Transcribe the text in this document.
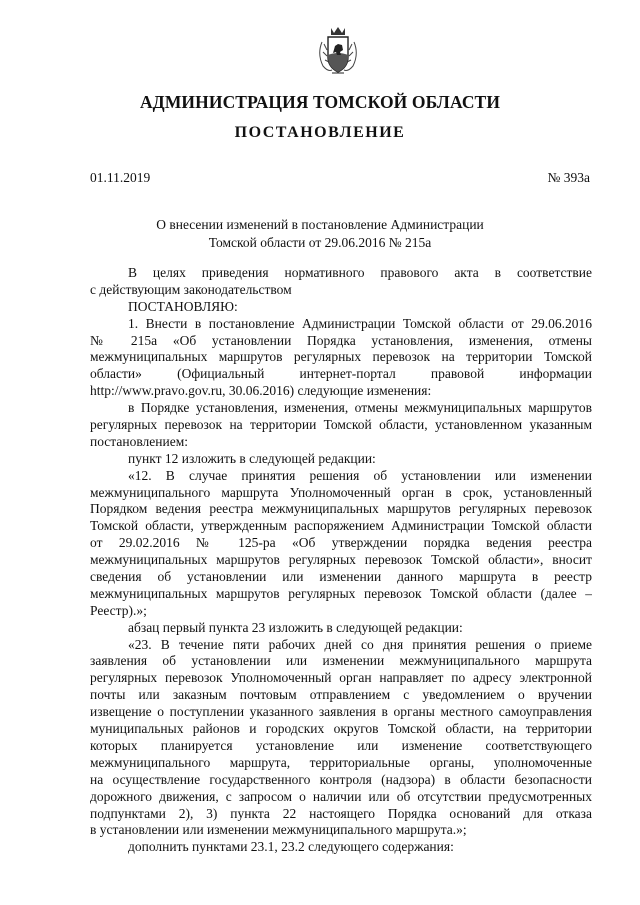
АДМИНИСТРАЦИЯ ТОМСКОЙ ОБЛАСТИ
ПОСТАНОВЛЕНИЕ
01.11.2019	№ 393а
О внесении изменений в постановление Администрации
Томской области от 29.06.2016 № 215а
В целях приведения нормативного правового акта в соответствие
с действующим законодательством
ПОСТАНОВЛЯЮ:
1. Внести в постановление Администрации Томской области от 29.06.2016
№ 215а «Об установлении Порядка установления, изменения, отмены
межмуниципальных маршрутов регулярных перевозок на территории Томской
области» (Официальный интернет-портал правовой информации
http://www.pravo.gov.ru, 30.06.2016) следующие изменения:
в Порядке установления, изменения, отмены межмуниципальных маршрутов
регулярных перевозок на территории Томской области, установленном указанным
постановлением:
пункт 12 изложить в следующей редакции:
«12. В случае принятия решения об установлении или изменении
межмуниципального маршрута Уполномоченный орган в срок, установленный
Порядком ведения реестра межмуниципальных маршрутов регулярных перевозок
Томской области, утвержденным распоряжением Администрации Томской области
от 29.02.2016 № 125-ра «Об утверждении порядка ведения реестра
межмуниципальных маршрутов регулярных перевозок Томской области», вносит
сведения об установлении или изменении данного маршрута в реестр
межмуниципальных маршрутов регулярных перевозок Томской области (далее –
Реестр).»;
абзац первый пункта 23 изложить в следующей редакции:
«23. В течение пяти рабочих дней со дня принятия решения о приеме
заявления об установлении или изменении межмуниципального маршрута
регулярных перевозок Уполномоченный орган направляет по адресу электронной
почты или заказным почтовым отправлением с уведомлением о вручении
извещение о поступлении указанного заявления в органы местного самоуправления
муниципальных районов и городских округов Томской области, на территории
которых планируется установление или изменение соответствующего
межмуниципального маршрута, территориальные органы, уполномоченные
на осуществление государственного контроля (надзора) в области безопасности
дорожного движения, с запросом о наличии или об отсутствии предусмотренных
подпунктами 2), 3) пункта 22 настоящего Порядка оснований для отказа
в установлении или изменении межмуниципального маршрута.»;
дополнить пунктами 23.1, 23.2 следующего содержания:
